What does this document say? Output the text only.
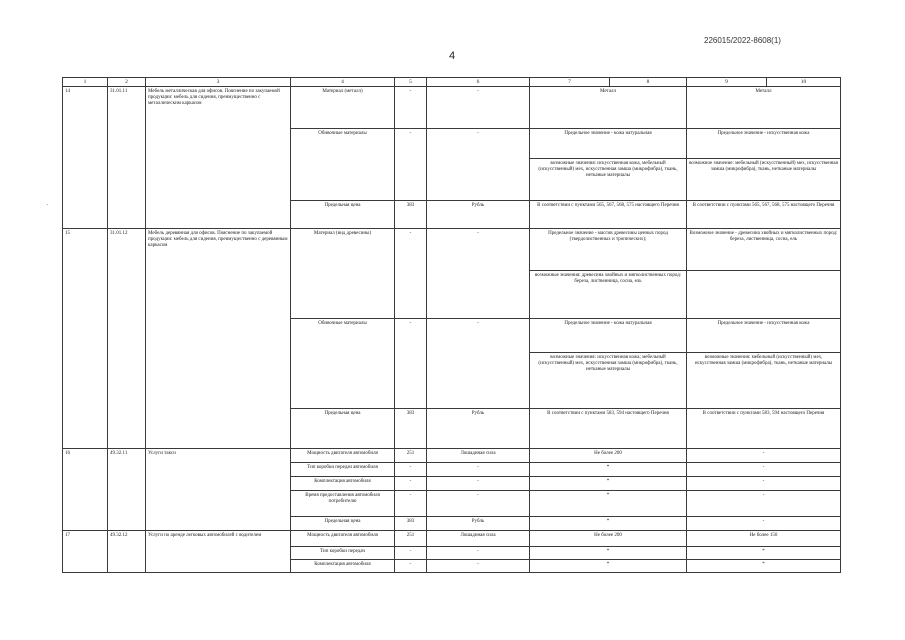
226015/2022-8608(1)
4
·
1	2	3	4	5	6	7	8	9	10
14	31.01.11	Мебель металлическая для офисов. Пояснение по закупаемой продукции: мебель для сидения, преимущественно с металлическим каркасом	Материал (металл)	-	-	Металл		Металл	
			Обивочные материалы	-	-	Предельное значение - кожа натуральная		Предельное значение - искусственная кожа	
						возможные значения: искусственная кожа, мебельный (искусственный) мех, искусственная замша (микрофибра), ткань, нетканые материалы		возможное значение: мебельный (искусственный) мех, искусственная замша (микрофибра), ткань, нетканые материалы	
			Предельная цена	383	Рубль	В соответствии с пунктами 565, 567, 568, 575 настоящего Перечня		В соответствии с пунктами 565, 567, 568, 575 настоящего Перечня	
15	31.01.12	Мебель деревянная для офисов. Пояснение по закупаемой продукции: мебель для сидения, преимущественно с деревянным каркасом	Материал (вид древесины)	-	-	Предельное значение - массив древесины ценных пород (твердолиственных и тропических);		Возможное значение - древесина хвойных и мягколиственных пород: береза, лиственница, сосна, ель	
						возможные значения: древесина хвойных и мягколиственных пород: береза, лиственница, сосна, ель			
			Обивочные материалы	-	-	Предельное значение - кожа натуральная		Предельное значение - искусственная кожа	
						возможные значения: искусственная кожа; мебельный (искусственный) мех, искусственная замша (микрофибра), ткань, нетканые материалы		возможные значения: мебельный (искусственный) мех, искусственная замша (микрофибра), ткань, нетканые материалы	
			Предельная цена	383	Рубль	В соответствии с пунктами 583, 594 настоящего Перечня		В соответствии с пунктами 583, 594 настоящего Перечня	
16	49.32.11	Услуги такси	Мощность двигателя автомобиля	251	Лошадиная сила	Не более 200		-	
			Тип коробки передач автомобиля	-	-	*		-	
			Комплектация автомобиля	-	-	*		-	
			Время предоставления автомобиля потребителю	-	-	*		-	
			Предельная цена	383	Рубль	*		-	
17	49.32.12	Услуги по аренде легковых автомобилей с водителем	Мощность двигателя автомобиля	251	Лошадиная сила	Не более 200		Не более 150	
			Тип коробки передач	-	-	*		*	
			Комплектация автомобиля	-	-	*		*	
